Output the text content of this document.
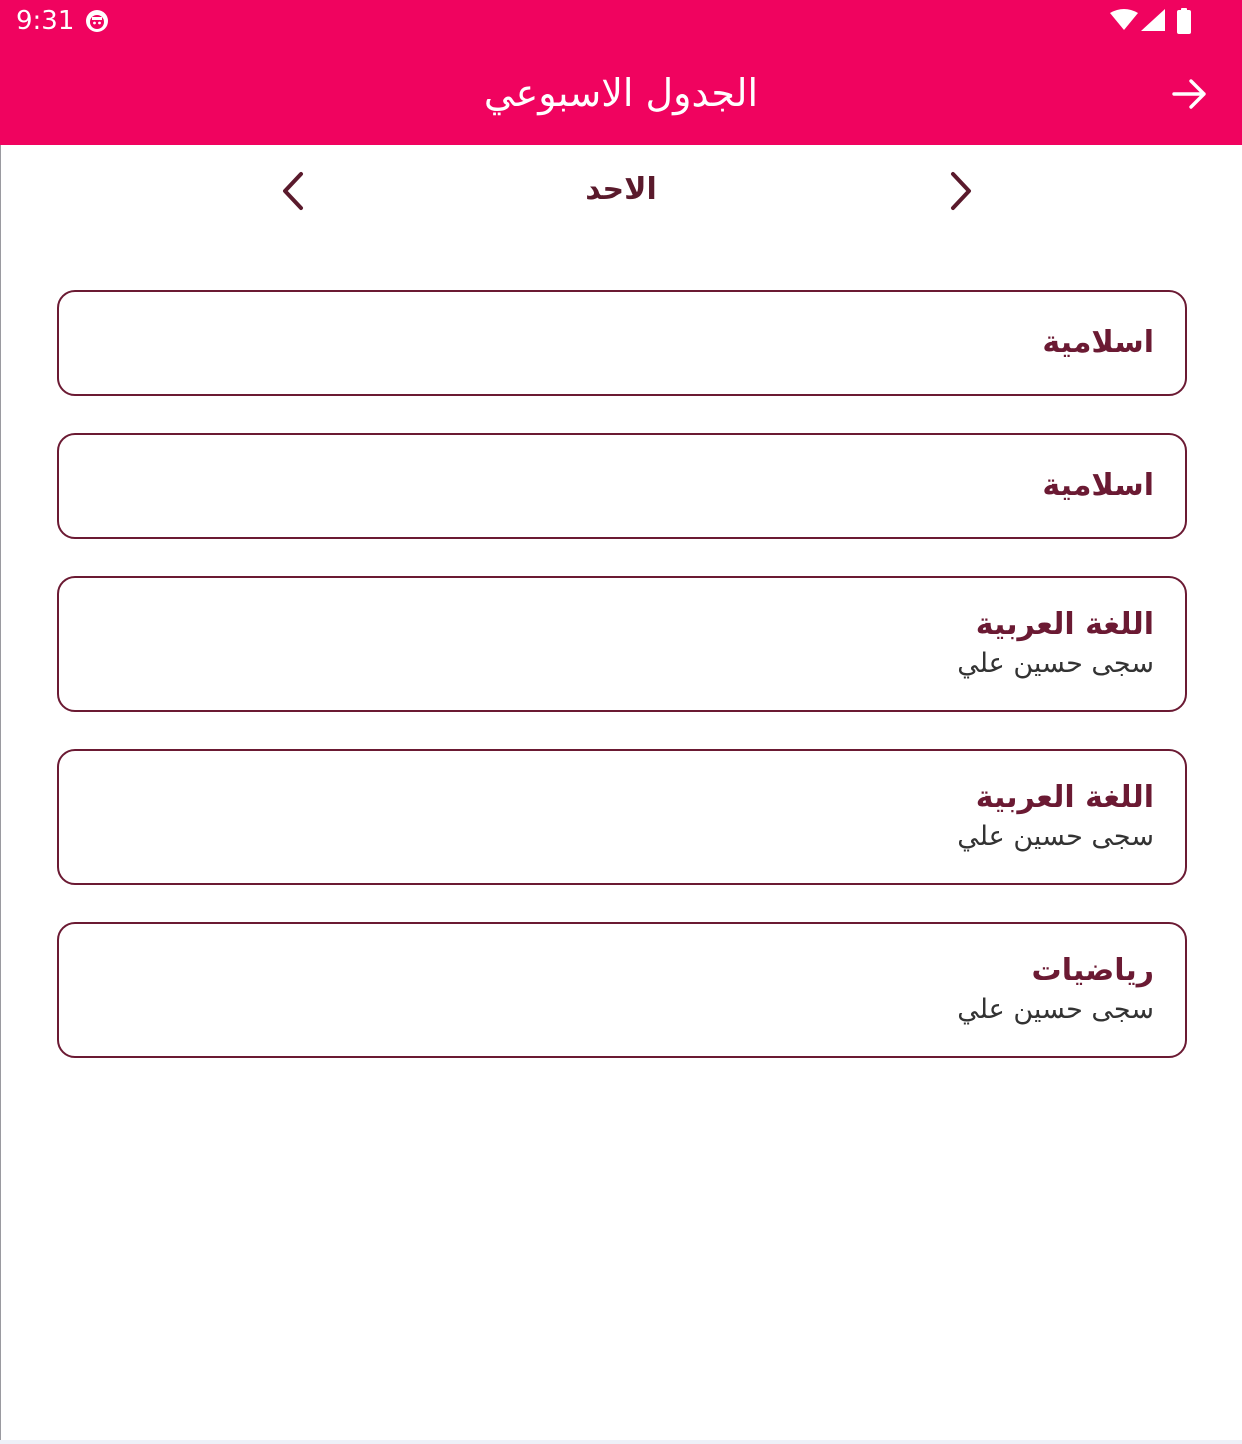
9:31
الجدول الاسبوعي
الاحد
اسلامية
اسلامية
اللغة العربية
سجى حسين علي
اللغة العربية
سجى حسين علي
رياضيات
سجى حسين علي
